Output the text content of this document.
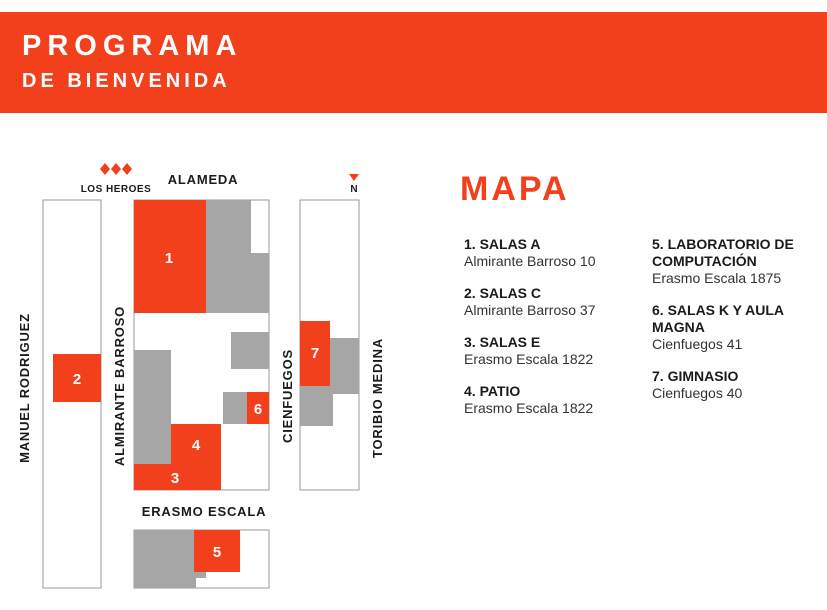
PROGRAMA
DE BIENVENIDA
1
2
3
4
5
6
7
LOS HEROES	N
ALAMEDA
ERASMO ESCALA
MANUEL RODRIGUEZ	ALMIRANTE BARROSO	CIENFUEGOS	TORIBIO MEDINA
MAPA
1. SALAS A
Almirante Barroso 10
2. SALAS C
Almirante Barroso 37
3. SALAS E
Erasmo Escala 1822
4. PATIO
Erasmo Escala 1822
5. LABORATORIO DE COMPUTACIÓN
Erasmo Escala 1875
6. SALAS K Y AULA MAGNA
Cienfuegos 41
7. GIMNASIO
Cienfuegos 40
